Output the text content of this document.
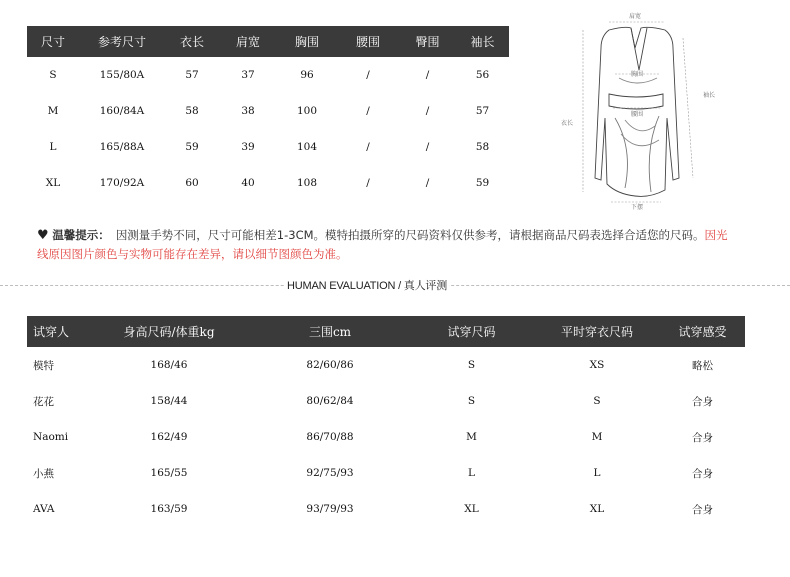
尺寸	参考尺寸	衣长	肩宽	胸围	腰围	臀围	袖长
S	155/80A	57	37	96	/	/	56
M	160/84A	58	38	100	/	/	57
L	165/88A	59	39	104	/	/	58
XL	170/92A	60	40	108	/	/	59
肩宽
胸围
腰围
衣长
袖长
下摆
♥ 温馨提示： 因测量手势不同，尺寸可能相差1-3CM。模特拍摄所穿的尺码资料仅供参考，请根据商品尺码表选择合适您的尺码。因光线原因图片颜色与实物可能存在差异，请以细节图颜色为准。
HUMAN EVALUATION / 真人评测
试穿人	身高尺码/体重kg	三围cm	试穿尺码	平时穿衣尺码	试穿感受
模特	168/46	82/60/86	S	XS	略松
花花	158/44	80/62/84	S	S	合身
Naomi	162/49	86/70/88	M	M	合身
小燕	165/55	92/75/93	L	L	合身
AVA	163/59	93/79/93	XL	XL	合身
